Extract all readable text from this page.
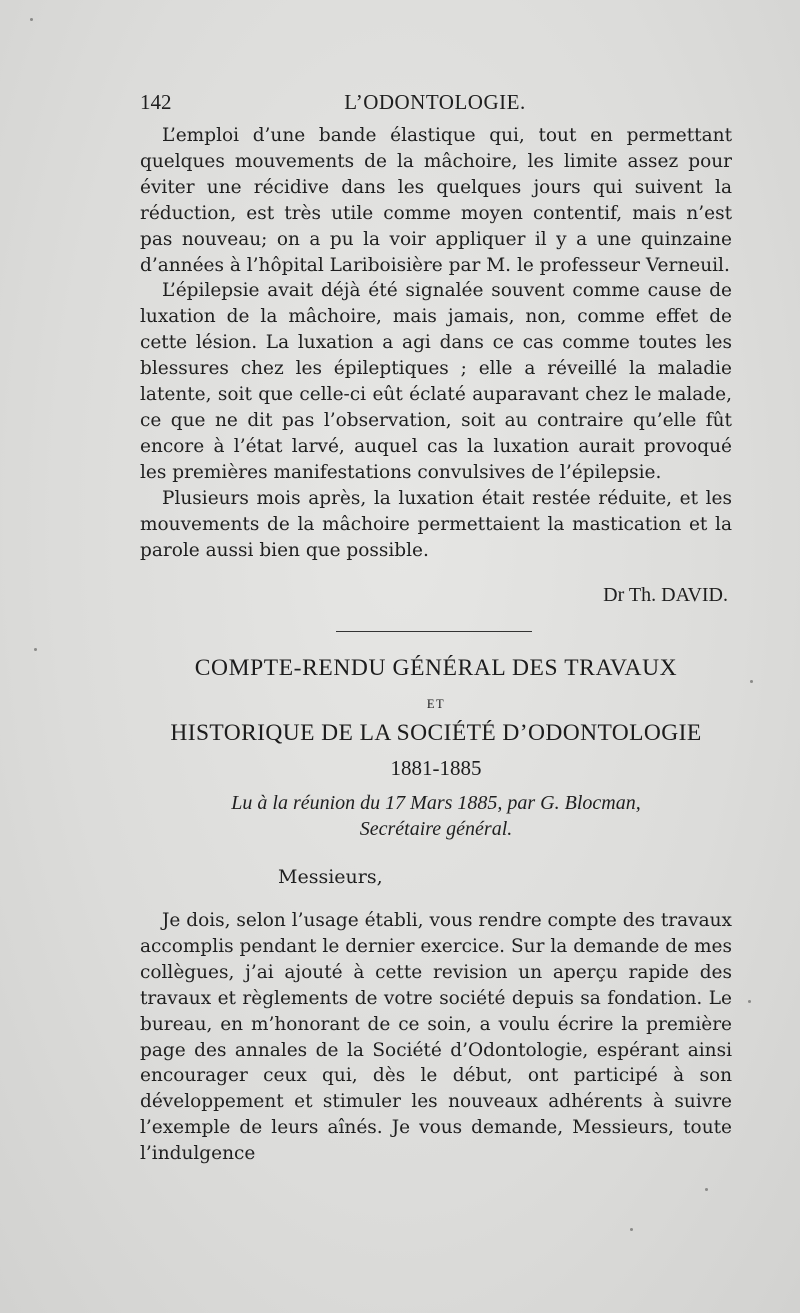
142	L’ODONTOLOGIE.

L’emploi d’une bande élastique qui, tout en permettant quelques mouvements de la mâchoire, les limite assez pour éviter une récidive dans les quelques jours qui suivent la réduction, est très utile comme moyen contentif, mais n’est pas nouveau; on a pu la voir appliquer il y a une quinzaine d’années à l’hôpital Lariboisière par M. le professeur Verneuil.

L’épilepsie avait déjà été signalée souvent comme cause de luxation de la mâchoire, mais jamais, non, comme effet de cette lésion. La luxation a agi dans ce cas comme toutes les blessures chez les épileptiques ; elle a réveillé la maladie latente, soit que celle-ci eût éclaté auparavant chez le malade, ce que ne dit pas l’observation, soit au contraire qu’elle fût encore à l’état larvé, auquel cas la luxation aurait provoqué les premières manifestations convulsives de l’épilepsie.

Plusieurs mois après, la luxation était restée réduite, et les mouvements de la mâchoire permettaient la mastication et la parole aussi bien que possible.

Dr Th. DAVID.
COMPTE-RENDU GÉNÉRAL DES TRAVAUX
ET
HISTORIQUE DE LA SOCIÉTÉ D’ODONTOLOGIE
1881-1885
Lu à la réunion du 17 Mars 1885, par G. Blocman,
Secrétaire général.
Messieurs,

Je dois, selon l’usage établi, vous rendre compte des travaux accomplis pendant le dernier exercice. Sur la demande de mes collègues, j’ai ajouté à cette revision un aperçu rapide des travaux et règlements de votre société depuis sa fondation. Le bureau, en m’honorant de ce soin, a voulu écrire la première page des annales de la Société d’Odontologie, espérant ainsi encourager ceux qui, dès le début, ont participé à son développement et stimuler les nouveaux adhérents à suivre l’exemple de leurs aînés. Je vous demande, Messieurs, toute l’indulgence
